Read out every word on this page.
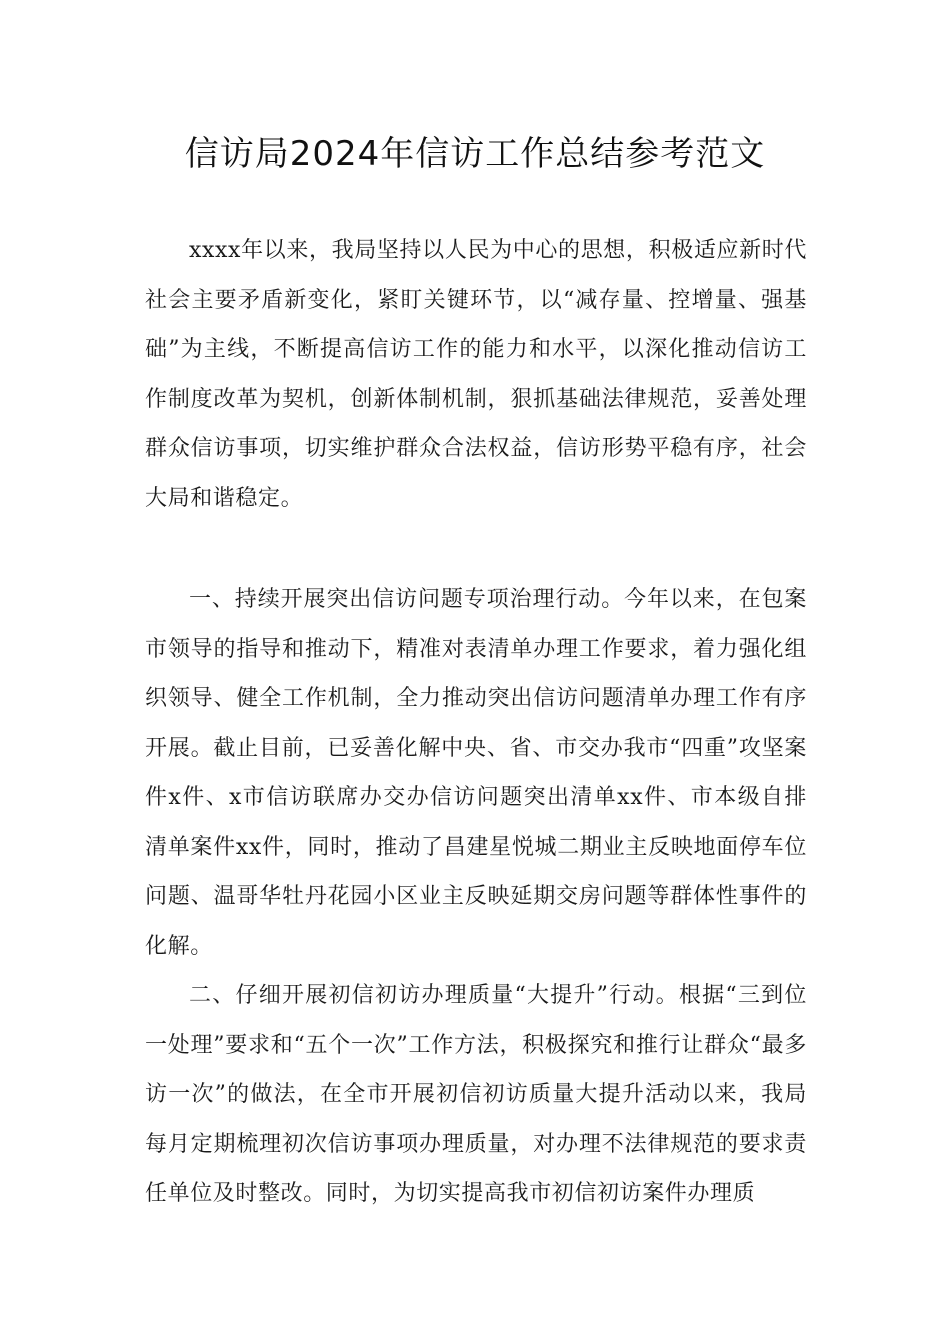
信访局2024年信访工作总结参考范文

xxxx年以来，我局坚持以人民为中心的思想，积极适应新时代社会主要矛盾新变化，紧盯关键环节，以“减存量、控增量、强基础”为主线，不断提高信访工作的能力和水平，以深化推动信访工作制度改革为契机，创新体制机制，狠抓基础法律规范，妥善处理群众信访事项，切实维护群众合法权益，信访形势平稳有序，社会大局和谐稳定。

一、持续开展突出信访问题专项治理行动。今年以来，在包案市领导的指导和推动下，精准对表清单办理工作要求，着力强化组织领导、健全工作机制，全力推动突出信访问题清单办理工作有序开展。截止目前，已妥善化解中央、省、市交办我市“四重”攻坚案件x件、x市信访联席办交办信访问题突出清单xx件、市本级自排清单案件xx件，同时，推动了昌建星悦城二期业主反映地面停车位问题、温哥华牡丹花园小区业主反映延期交房问题等群体性事件的化解。

二、仔细开展初信初访办理质量“大提升”行动。根据“三到位一处理”要求和“五个一次”工作方法，积极探究和推行让群众“最多访一次”的做法，在全市开展初信初访质量大提升活动以来，我局每月定期梳理初次信访事项办理质量，对办理不法律规范的要求责任单位及时整改。同时，为切实提高我市初信初访案件办理质
